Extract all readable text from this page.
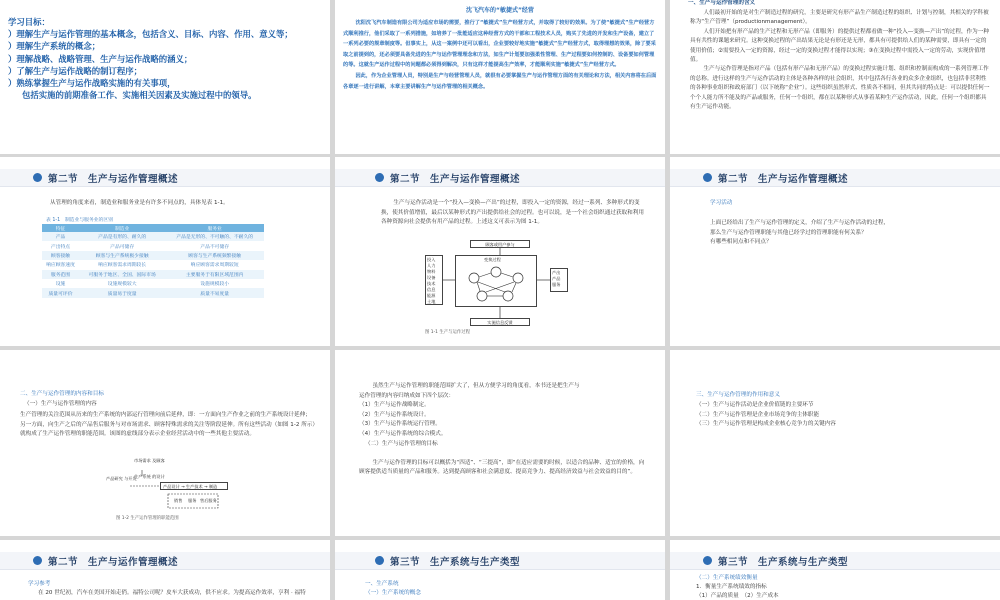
学习目标：

）理解生产与运作管理的基本概念，包括含义、目标、内容、作用、意义等；

）理解生产系统的概念；

）理解战略、战略管理、生产与运作战略的涵义；

）了解生产与运作战略的制订程序；

）熟练掌握生产与运作战略实施的有关事项，

包括实施的前期准备工作、实施相关因素及实施过程中的领导。

沈飞汽车的“敏捷式”经营

沈阳沈飞汽车制造有限公司为适应市场的需要，推行了“敏捷式”生产经营方式，并取得了较好的效果。为了使“敏捷式”生产经营方式顺利推行，他们采取了一系列措施，如培养了一批能适应这种经营方式的干部和工程技术人员，购买了先进的开发和生产设备，建立了一系列必要的规章制度等。但事实上，从这一案例中还可以看出，企业要较好地实施“敏捷式”生产经营方式，取得理想的效果，除了要采取之前提到的，还必须要具备先进的生产与运作管理理念和方法，如生产计划要加强柔性管理、生产过程要如何控制的、设备要如何管理的等。这就生产运作过程中的问题都必须得到解决，只有这样才能提高生产效率，才能顺利实施“敏捷式”生产经营方式。

因此，作为企业管理人员，特别是生产与经营管理人员，就很有必要掌握生产与运作管理方面的有关理论和方法，相关内容将在后面各章逐一进行讲解，本章主要讲解生产与运作管理的相关概念。

一、生产与运作管理的含义

人们最初开始的是对生产制造过程的研究，主要是研究有形产品生产制造过程的组织、计划与控制，其相关的学科被称为“生产管理”（productionmanagement）。

人们开始把有形产品的生产过程和无形产品（即服务）的提供过程都看做一种“投入—变换—产出”的过程，作为一种具有共性的课题来研究。这种变换过程的产出结果无论是有形还是无形，都具有可提供给人们的某种需要，即具有一定的使用价值；②需要投入一定的资源，经过一定的变换过程才能得以实现；③在变换过程中需投入一定的劳动，实现价值增值。

生产与运作管理是指对产品（包括有形产品和无形产品）的变换过程实施计划、组织和控制而构成的一系列管理工作的总称。进行这样的生产与运作活动的主体是各种各样的社会组织，其中包括各行各业的众多企业组织，也包括非营利性的各种事业组织和政府部门（以下统称“企业”）。这些组织虽然形式、性质各不相同，但其共同的特点是：可以提供任何一个个人能力所不能及的产品或服务，任何一个组织，都在以某种形式从事着某种生产运作活动，因此，任何一个组织都具有生产运作功能。

第二节　生产与运作管理概述
从管理的角度来看，制造业和服务业是有许多不同点的，具体见表 1-1。
表 1-1　制造业与服务业的区别
特征	制造业	服务业
产品	产品是有形的、耐久的	产品是无形的、不可触的、不耐久的
产出特点	产品可储存	产品不可储存
顾客接触	顾客与生产系统极少接触	顾客与生产系统频繁接触
响应顾客速度	响应顾客需求周期较长	响应顾客需求周期较短
服务范围	可服务于地区、全国、国际市场	主要服务于有限区域范围内
设施	设施规模较大	设施规模较小
质量可评价	质量易于度量	质量不易度量
第二节　生产与运作管理概述
生产与运作活动是一个“投入—变换—产出”的过程，即投入一定的资源，经过一系列、多种形式的变换，使其价值增值，最后以某种形式的产出提供给社会的过程。也可以说，是一个社会组织通过获取和利用各种资源向社会提供有用产品的过程。上述这义可表示为图 1-1。
顾客或用户参与
投入
人力
物料
设备
技术
信息
能源
土地
变换过程
产出
产品
服务
实施信息反馈
图 1-1 生产与运作过程
第二节　生产与运作管理概述
学习活动

上面已经给出了生产与运作管理的定义，介绍了生产与运作活动的过程，

那么生产与运作管理职能与其他已经学过的管理职能有何关系？

有哪些相同点和不同点？

二、生产与运作管理的内容和目标
（一）生产与运作管理的内容
生产管理的关注范围从历来的生产系统的内部运行管理向前后延伸，即：一方面向生产作业之前的生产系统设计延伸；另一方面，向生产之后的产品售后服务与对市场需求、顾客特殊需求的关注等阶段延伸。所有这些活动（如图 1-2 所示）就构成了生产运作管理的职能范围。该图的虚线部分表示企业经营活动中的一些其他主要活动。
市场需求 及顾客
产品研究 与开发
生产系统 的设计
产品设计 → 生产技术 → 制造
销售 服务 售后服务
图 1-2 生产运作管理的职能范围

虽然生产与运作管理的职能范围扩大了，但从方便学习的角度看，本书还是把生产与

运作管理的内容归纳成如下四个层次：

（1）生产与运作战略制定。

（2）生产与运作系统设计。

（3）生产与运作系统运行管理。

（4）生产与运作系统的综合模式。

（二）生产与运作管理的目标

生产与运作管理的目标可以概括为“四适”、“三提高”，即“在适应需要的时候，以适合的品种、适宜的价格，向顾客提供适当质量的产品和服务。达到提高顾客和社会满意度、提高竞争力、提高经济效益与社会效益的目的”。

三、生产与运作管理的作用和意义

（一）生产与运作活动是企业价值链的主要环节

（二）生产与运作管理是企业市场竞争的主体职能

（三）生产与运作管理是构成企业核心竞争力的关键内容

第二节　生产与运作管理概述
学习参考
在 20 世纪初，汽车在美国开始走俏。福特公司呢？皮车大获成功，供不应求。为提高运作效率，亨利 · 福特
第三节　生产系统与生产类型
一、生产系统
（一）生产系统的概念
第三节　生产系统与生产类型
（二）生产系统绩效衡量
1．衡量生产系统绩效的指标
（1）产品的质量　（2）生产成本
